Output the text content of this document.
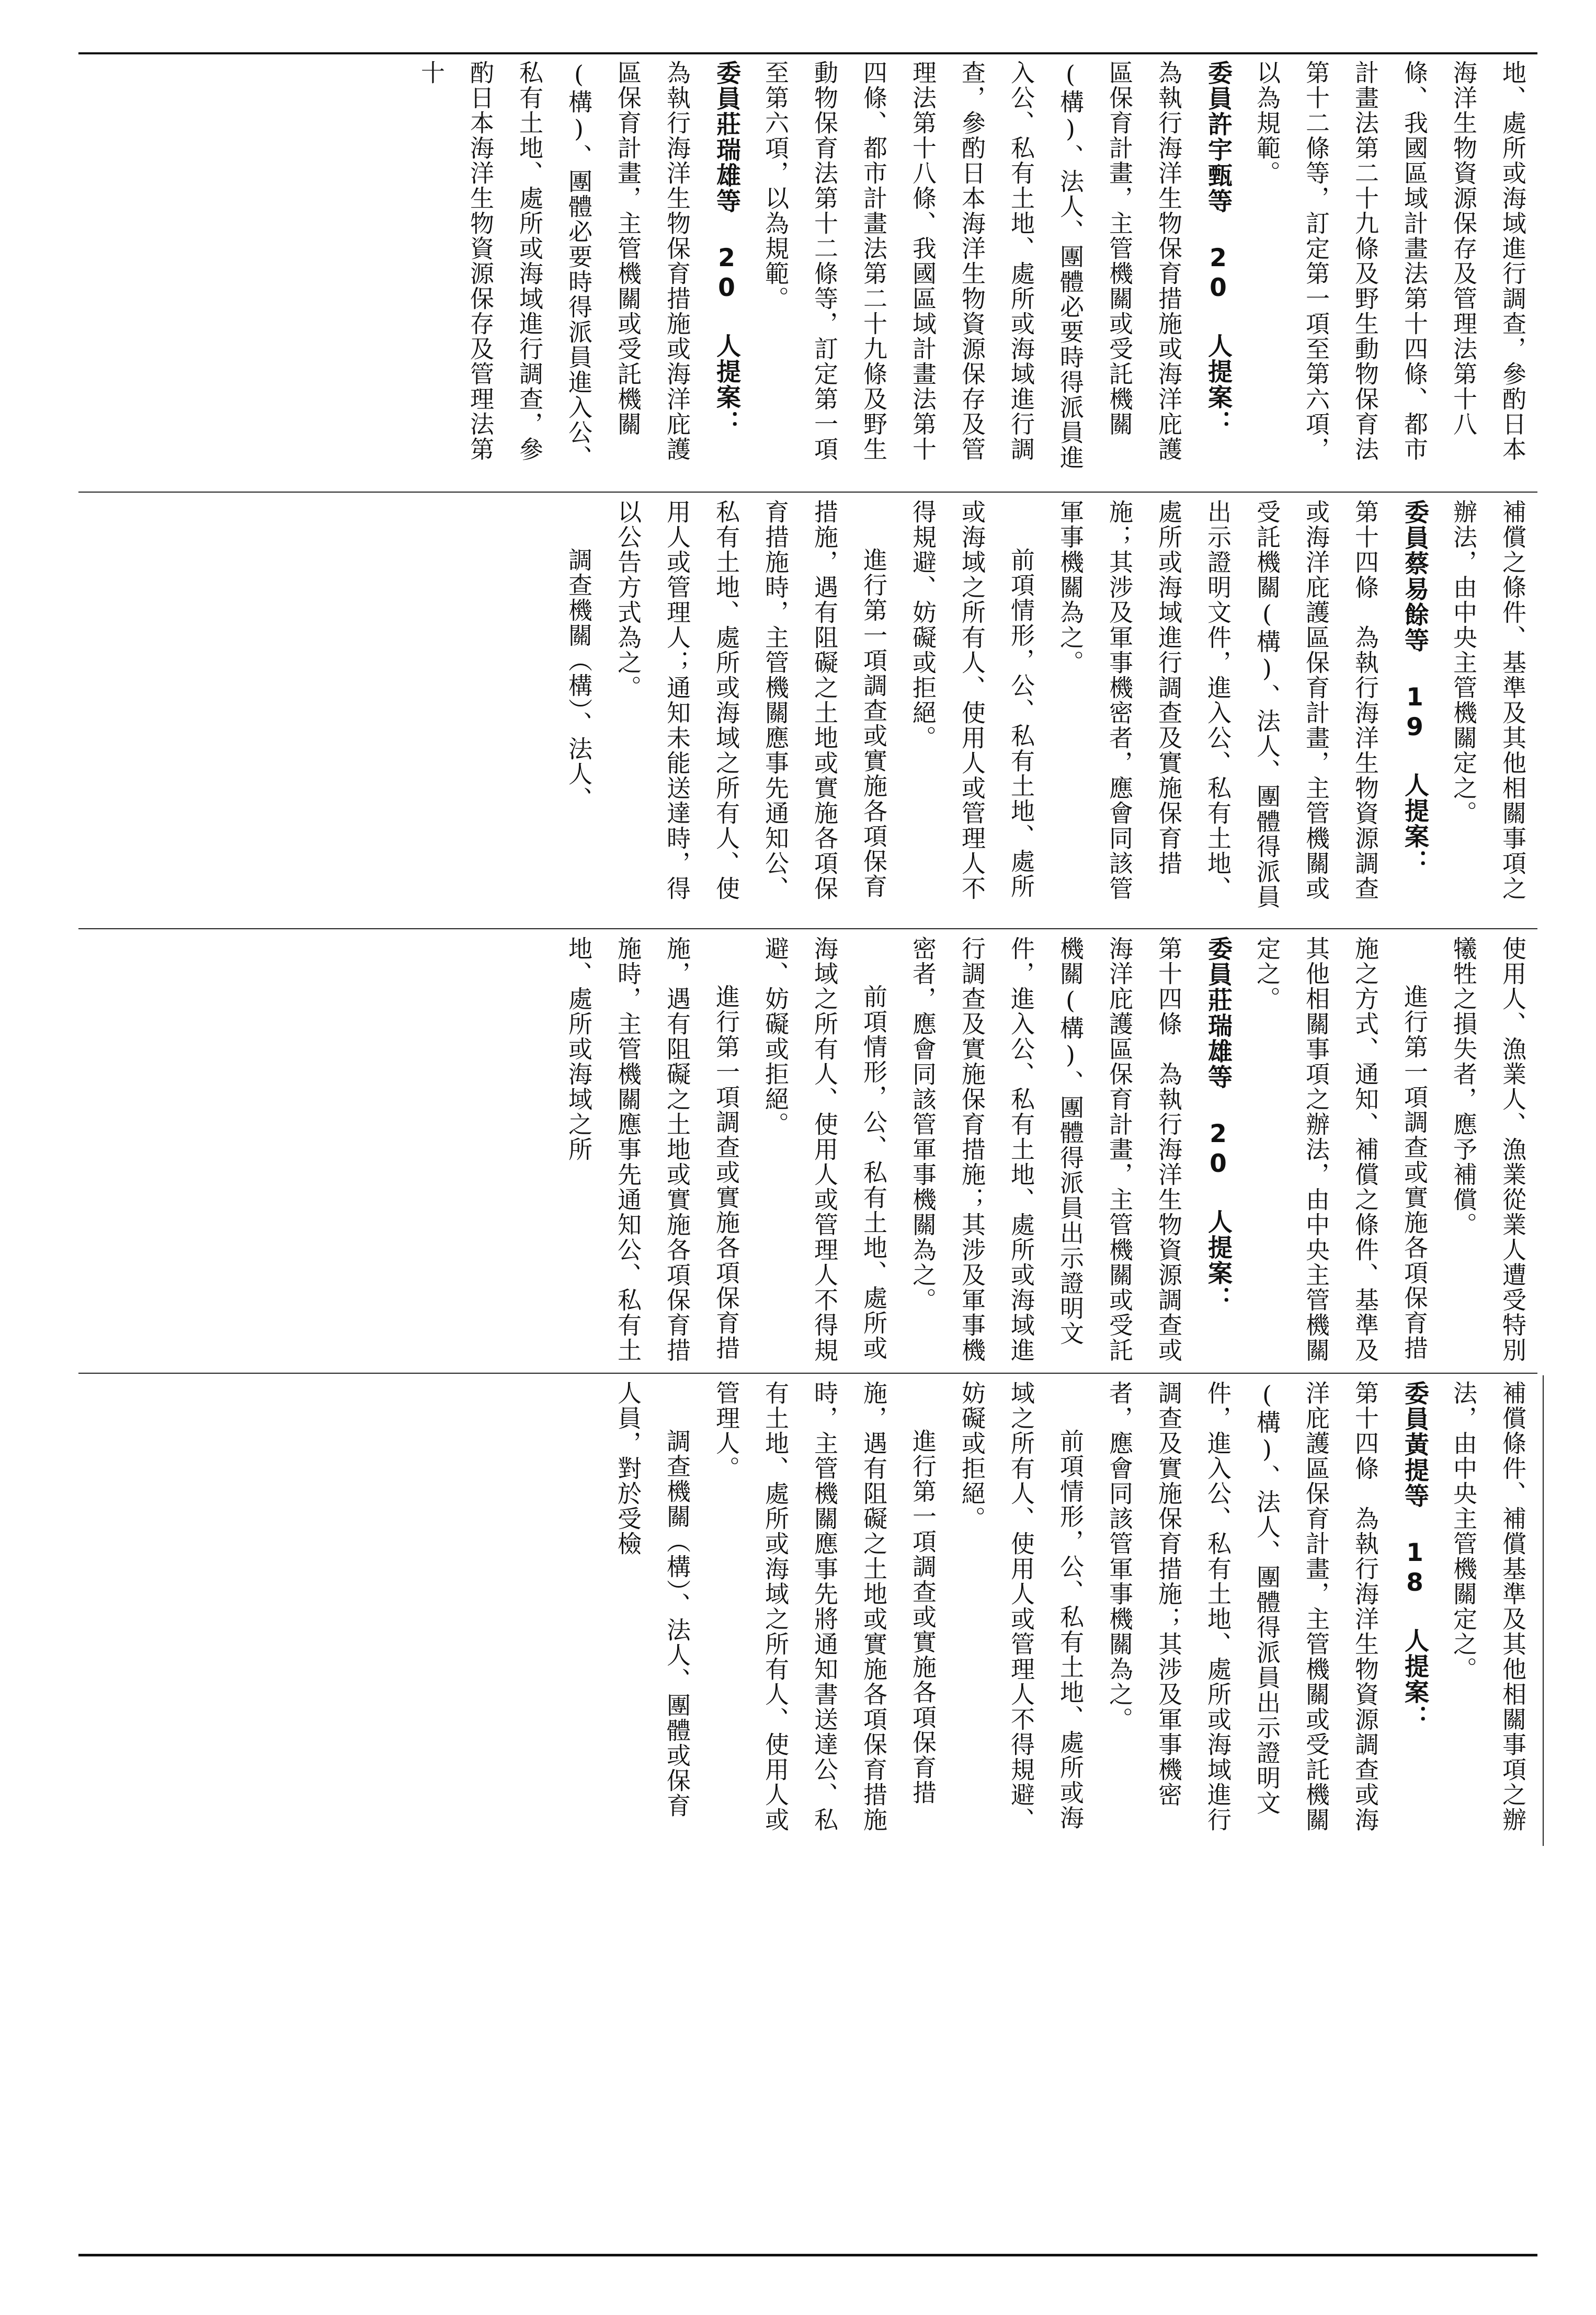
補償條件、補償基準及其他相關事項之辦法，由中央主管機關定之。
委員黃提等 18 人提案：
第十四條　為執行海洋生物資源調查或海洋庇護區保育計畫，主管機關或受託機關(構)、法人、團體得派員出示證明文件，進入公、私有土地、處所或海域進行調查及實施保育措施；其涉及軍事機密者，應會同該管軍事機關為之。
前項情形，公、私有土地、處所或海域之所有人、使用人或管理人不得規避、妨礙或拒絕。
進行第一項調查或實施各項保育措施，遇有阻礙之土地或實施各項保育措施時，主管機關應事先將通知書送達公、私有土地、處所或海域之所有人、使用人或管理人。
調查機關（構）、法人、團體或保育人員，對於受檢
使用人、漁業人、漁業從業人遭受特別犧牲之損失者，應予補償。
進行第一項調查或實施各項保育措施之方式、通知、補償之條件、基準及其他相關事項之辦法，由中央主管機關定之。
委員莊瑞雄等 20 人提案：
第十四條　為執行海洋生物資源調查或海洋庇護區保育計畫，主管機關或受託機關(構)、團體得派員出示證明文件，進入公、私有土地、處所或海域進行調查及實施保育措施；其涉及軍事機密者，應會同該管軍事機關為之。
前項情形，公、私有土地、處所或海域之所有人、使用人或管理人不得規避、妨礙或拒絕。
進行第一項調查或實施各項保育措施，遇有阻礙之土地或實施各項保育措施時，主管機關應事先通知公、私有土地、處所或海域之所
補償之條件、基準及其他相關事項之辦法，由中央主管機關定之。
委員蔡易餘等 19 人提案：
第十四條　為執行海洋生物資源調查或海洋庇護區保育計畫，主管機關或受託機關(構)、法人、團體得派員出示證明文件，進入公、私有土地、處所或海域進行調查及實施保育措施；其涉及軍事機密者，應會同該管軍事機關為之。
前項情形，公、私有土地、處所或海域之所有人、使用人或管理人不得規避、妨礙或拒絕。
進行第一項調查或實施各項保育措施，遇有阻礙之土地或實施各項保育措施時，主管機關應事先通知公、私有土地、處所或海域之所有人、使用人或管理人；通知未能送達時，得以公告方式為之。
調查機關（構）、法人、
地、處所或海域進行調查，參酌日本海洋生物資源保存及管理法第十八條、我國區域計畫法第十四條、都市計畫法第二十九條及野生動物保育法第十二條等，訂定第一項至第六項，以為規範。
委員許宇甄等 20 人提案：
為執行海洋生物保育措施或海洋庇護區保育計畫，主管機關或受託機關(構)、法人、團體必要時得派員進入公、私有土地、處所或海域進行調查，參酌日本海洋生物資源保存及管理法第十八條、我國區域計畫法第十四條、都市計畫法第二十九條及野生動物保育法第十二條等，訂定第一項至第六項，以為規範。
委員莊瑞雄等 20 人提案：
為執行海洋生物保育措施或海洋庇護區保育計畫，主管機關或受託機關(構)、團體必要時得派員進入公、私有土地、處所或海域進行調查，參酌日本海洋生物資源保存及管理法第十
